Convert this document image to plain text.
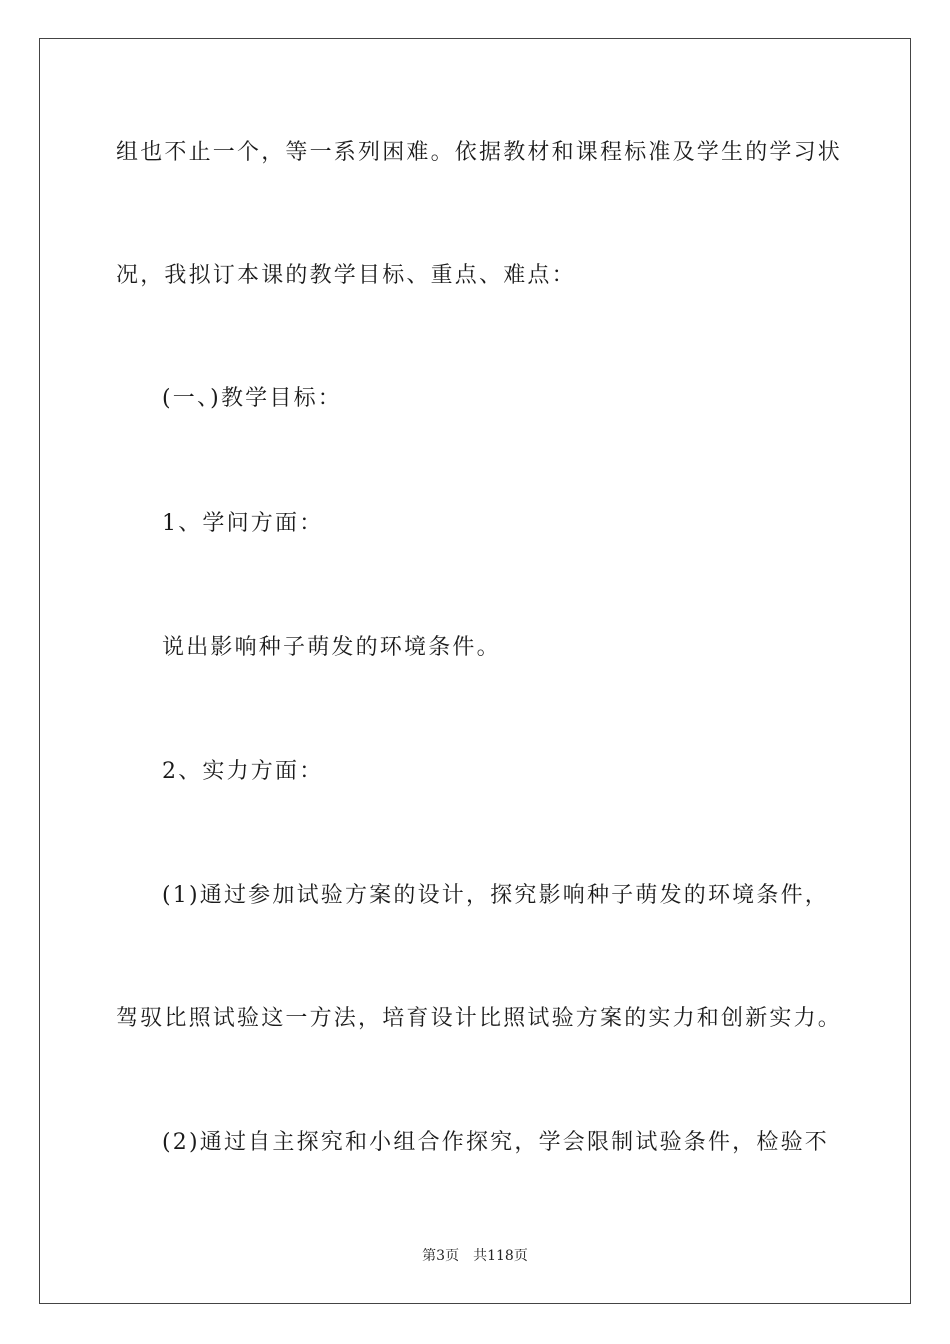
组也不止一个，等一系列困难。依据教材和课程标准及学生的学习状
况，我拟订本课的教学目标、重点、难点：
(一、)教学目标：
1、学问方面：
说出影响种子萌发的环境条件。
2、实力方面：
(1)通过参加试验方案的设计，探究影响种子萌发的环境条件，
驾驭比照试验这一方法，培育设计比照试验方案的实力和创新实力。
(2)通过自主探究和小组合作探究，学会限制试验条件，检验不
第3页 共118页
